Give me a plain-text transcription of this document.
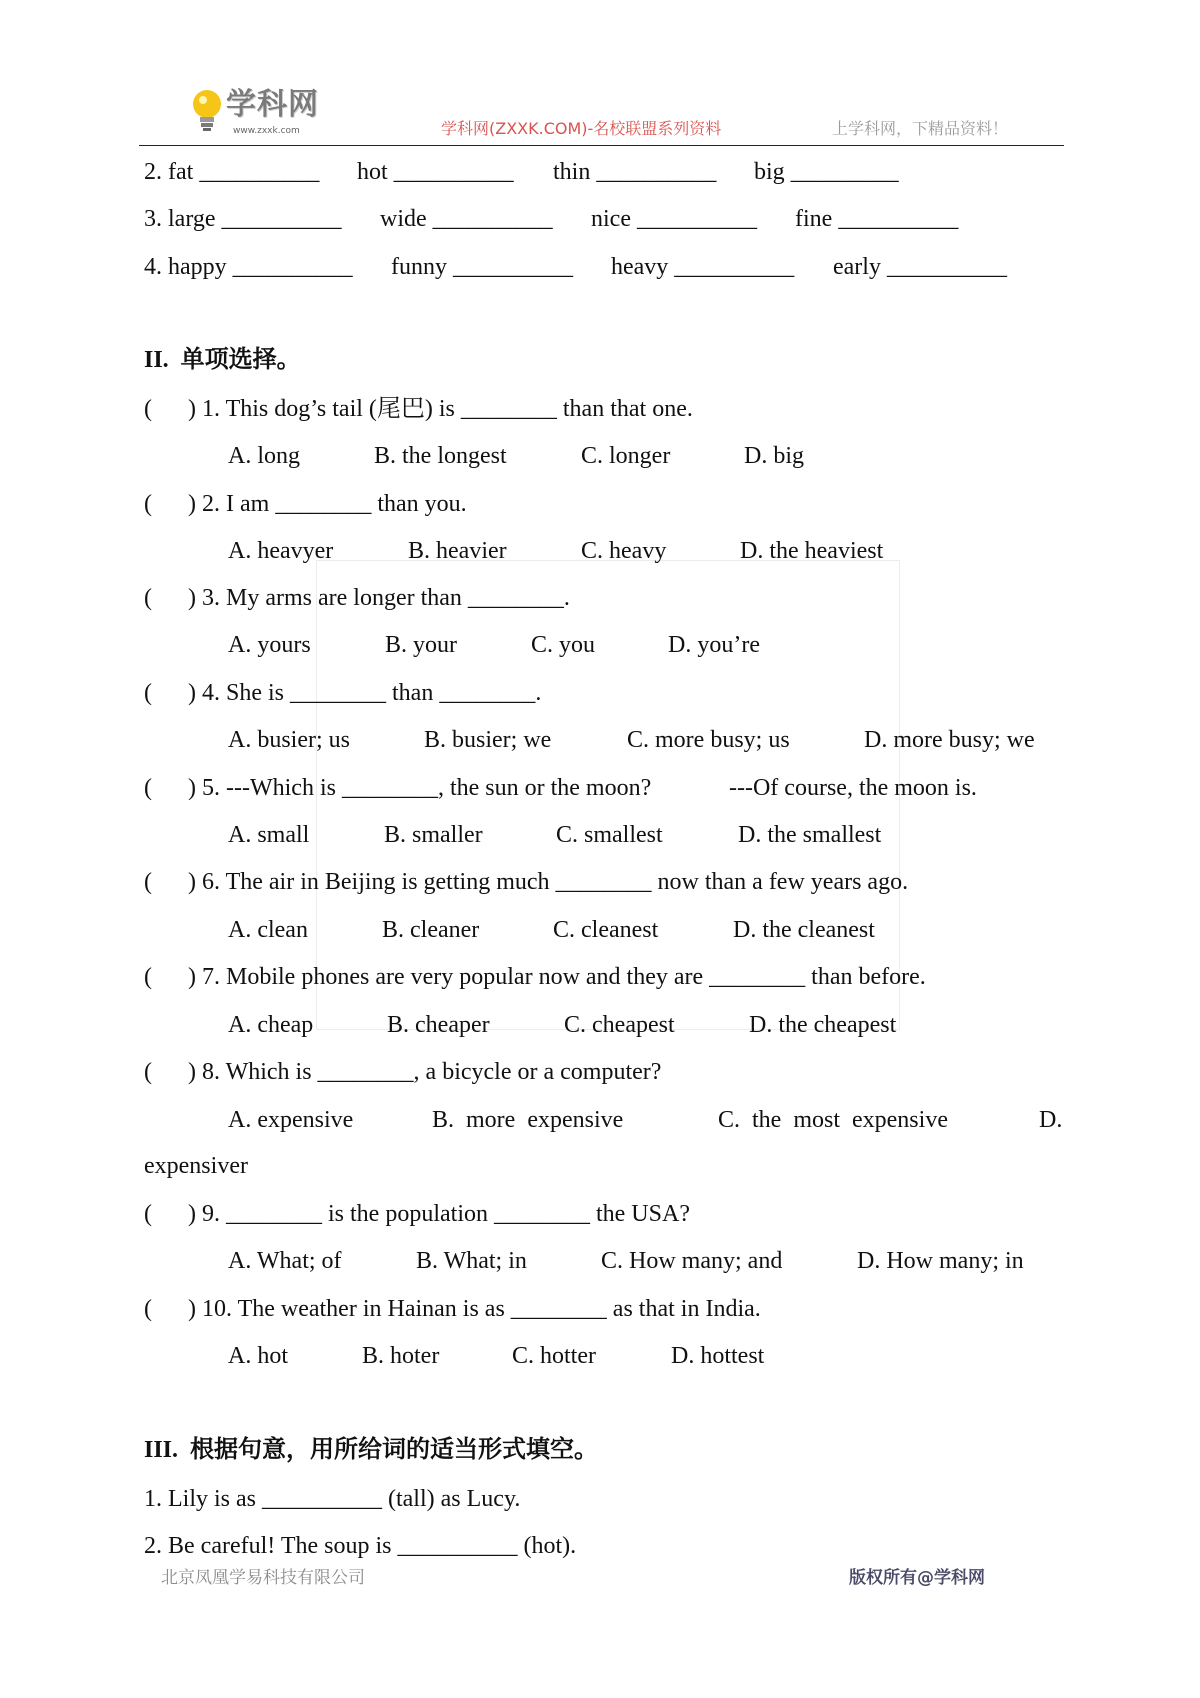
学科网
www.zxxk.com	学科网(ZXXK.COM)-名校联盟系列资料	上学科网，下精品资料！
2. fat __________ hot __________ thin __________ big _________
3. large __________ wide __________ nice __________ fine __________
4. happy __________ funny __________ heavy __________ early __________
II.  单项选择。
(      ) 1. This dog’s tail (尾巴) is ________ than that one.
A. long	B. the longest	C. longer	D. big
(      ) 2. I am ________ than you.
A. heavyer	B. heavier	C. heavy	D. the heaviest
(      ) 3. My arms are longer than ________.
A. yours	B. your	C. you	D. you’re
(      ) 4. She is ________ than ________.
A. busier; us	B. busier; we	C. more busy; us	D. more busy; we
(      ) 5. ---Which is ________, the sun or the moon?	---Of course, the moon is.
A. small	B. smaller	C. smallest	D. the smallest
(      ) 6. The air in Beijing is getting much ________ now than a few years ago.
A. clean	B. cleaner	C. cleanest	D. the cleanest
(      ) 7. Mobile phones are very popular now and they are ________ than before.
A. cheap	B. cheaper	C. cheapest	D. the cheapest
(      ) 8. Which is ________, a bicycle or a computer?
A. expensive	B.  more  expensive	C.  the  most  expensive	D.
expensiver
(      ) 9. ________ is the population ________ the USA?
A. What; of	B. What; in	C. How many; and	D. How many; in
(      ) 10. The weather in Hainan is as ________ as that in India.
A. hot	B. hoter	C. hotter	D. hottest
III.  根据句意，用所给词的适当形式填空。
1. Lily is as __________ (tall) as Lucy.
2. Be careful! The soup is __________ (hot).
北京凤凰学易科技有限公司	版权所有@学科网
